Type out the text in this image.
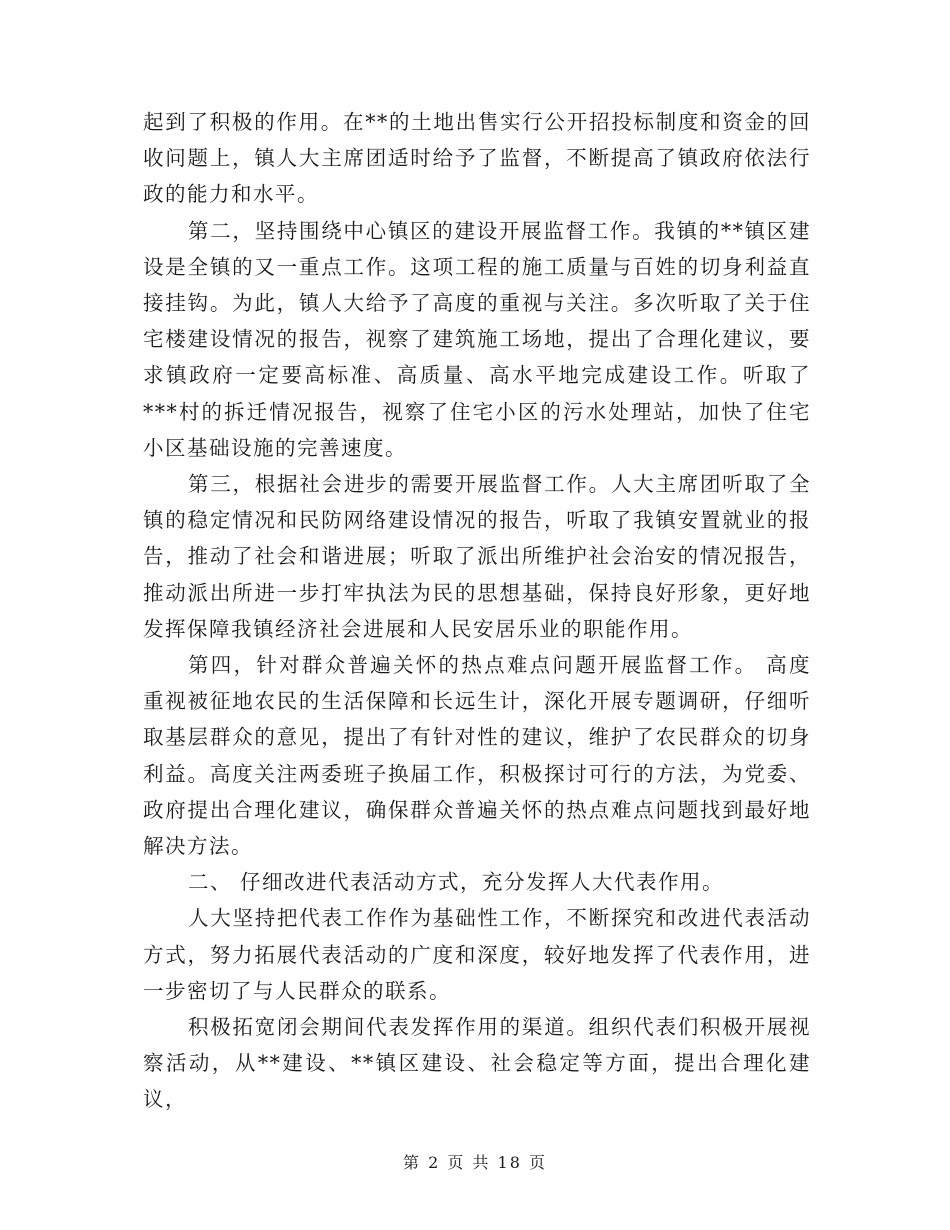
起到了积极的作用。在**的土地出售实行公开招投标制度和资金的回收问题上，镇人大主席团适时给予了监督，不断提高了镇政府依法行政的能力和水平。

第二，坚持围绕中心镇区的建设开展监督工作。我镇的**镇区建设是全镇的又一重点工作。这项工程的施工质量与百姓的切身利益直接挂钩。为此，镇人大给予了高度的重视与关注。多次听取了关于住宅楼建设情况的报告，视察了建筑施工场地，提出了合理化建议，要求镇政府一定要高标准、高质量、高水平地完成建设工作。听取了***村的拆迁情况报告，视察了住宅小区的污水处理站，加快了住宅小区基础设施的完善速度。

第三，根据社会进步的需要开展监督工作。人大主席团听取了全镇的稳定情况和民防网络建设情况的报告，听取了我镇安置就业的报告，推动了社会和谐进展；听取了派出所维护社会治安的情况报告，推动派出所进一步打牢执法为民的思想基础，保持良好形象，更好地发挥保障我镇经济社会进展和人民安居乐业的职能作用。

第四，针对群众普遍关怀的热点难点问题开展监督工作。 高度重视被征地农民的生活保障和长远生计，深化开展专题调研，仔细听取基层群众的意见，提出了有针对性的建议，维护了农民群众的切身利益。高度关注两委班子换届工作，积极探讨可行的方法，为党委、政府提出合理化建议，确保群众普遍关怀的热点难点问题找到最好地解决方法。

二、 仔细改进代表活动方式，充分发挥人大代表作用。

人大坚持把代表工作作为基础性工作，不断探究和改进代表活动方式，努力拓展代表活动的广度和深度，较好地发挥了代表作用，进一步密切了与人民群众的联系。

积极拓宽闭会期间代表发挥作用的渠道。组织代表们积极开展视察活动，从**建设、**镇区建设、社会稳定等方面，提出合理化建议，

第 2 页 共 18 页
